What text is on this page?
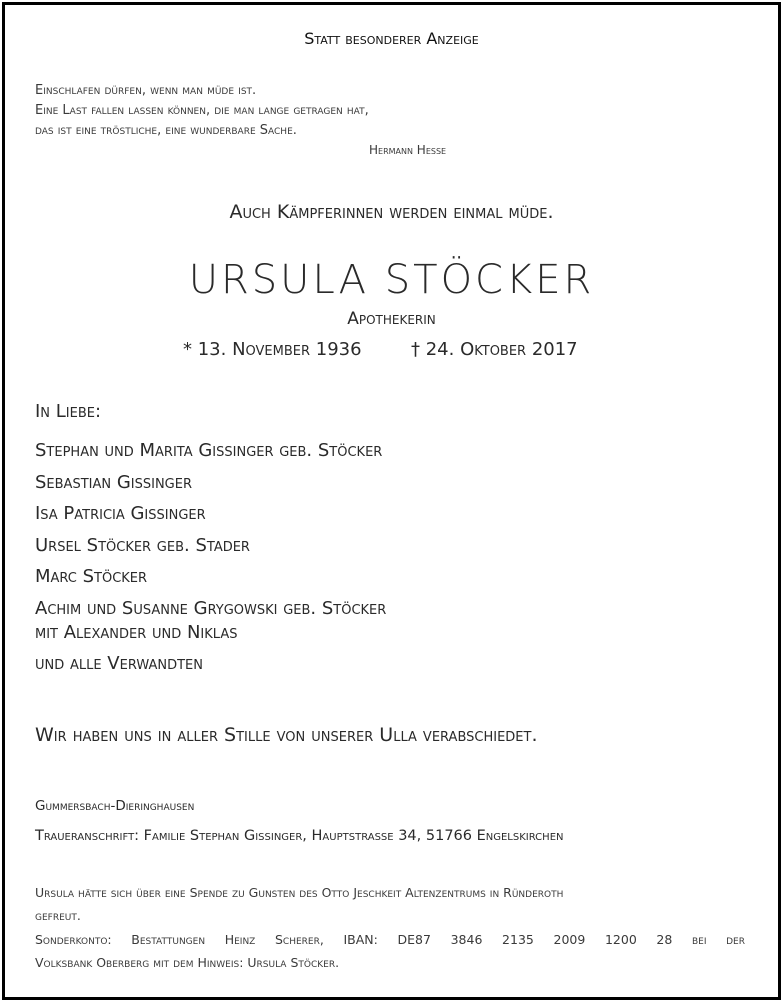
Statt besonderer Anzeige
Einschlafen dürfen, wenn man müde ist.
Eine Last fallen lassen können, die man lange getragen hat,
das ist eine tröstliche, eine wunderbare Sache.
Hermann Hesse
Auch Kämpferinnen werden einmal müde.
URSULA STÖCKER
Apothekerin
* 13. November 1936	† 24. Oktober 2017
In Liebe:
Stephan und Marita Gissinger geb. Stöcker
Sebastian Gissinger
Isa Patricia Gissinger
Ursel Stöcker geb. Stader
Marc Stöcker
Achim und Susanne Grygowski geb. Stöcker
mit Alexander und Niklas
und alle Verwandten
Wir haben uns in aller Stille von unserer Ulla verabschiedet.
Gummersbach-Dieringhausen
Traueranschrift: Familie Stephan Gissinger, Hauptstrasse 34, 51766 Engelskirchen
Ursula hätte sich über eine Spende zu Gunsten des Otto Jeschkeit Altenzentrums in Ründeroth
gefreut.
Sonderkonto: Bestattungen Heinz Scherer, IBAN: DE87 3846 2135 2009 1200 28 bei der
Volksbank Oberberg mit dem Hinweis: Ursula Stöcker.
